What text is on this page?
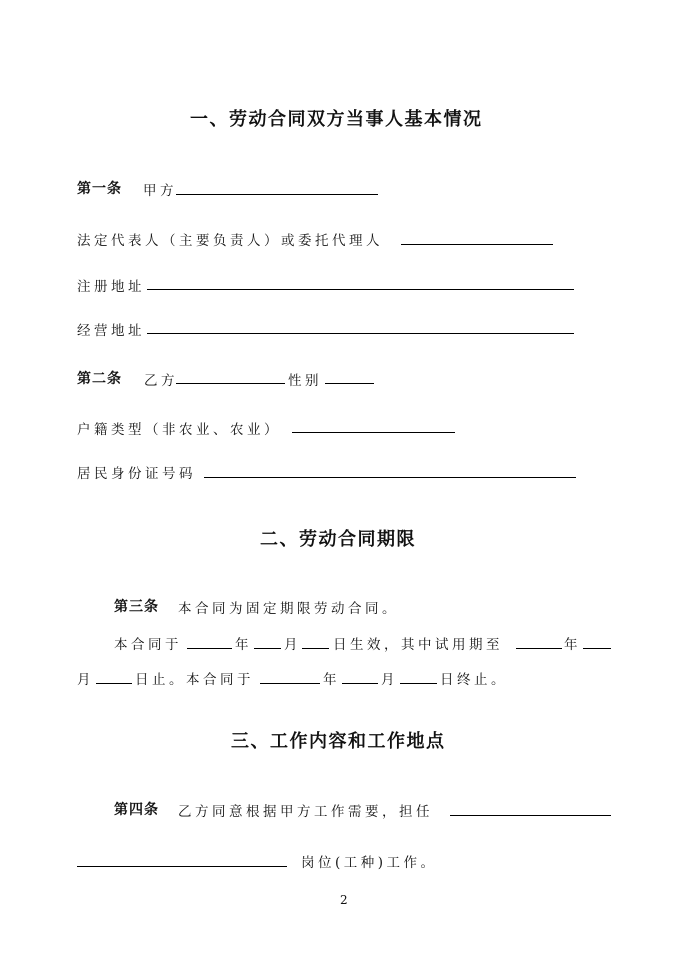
一、劳动合同双方当事人基本情况
第一条 甲方
法定代表人（主要负责人）或委托代理人
注册地址
经营地址
第二条 乙方	性别
户籍类型（非农业、农业）
居民身份证号码
二、劳动合同期限
第三条 本合同为固定期限劳动合同。
本合同于	年 月 日生效，其中试用期至	年
月	日止。本合同于	年	月	日终止。
三、工作内容和工作地点
第四条 乙方同意根据甲方工作需要，担任
岗位(工种)工作。
2
